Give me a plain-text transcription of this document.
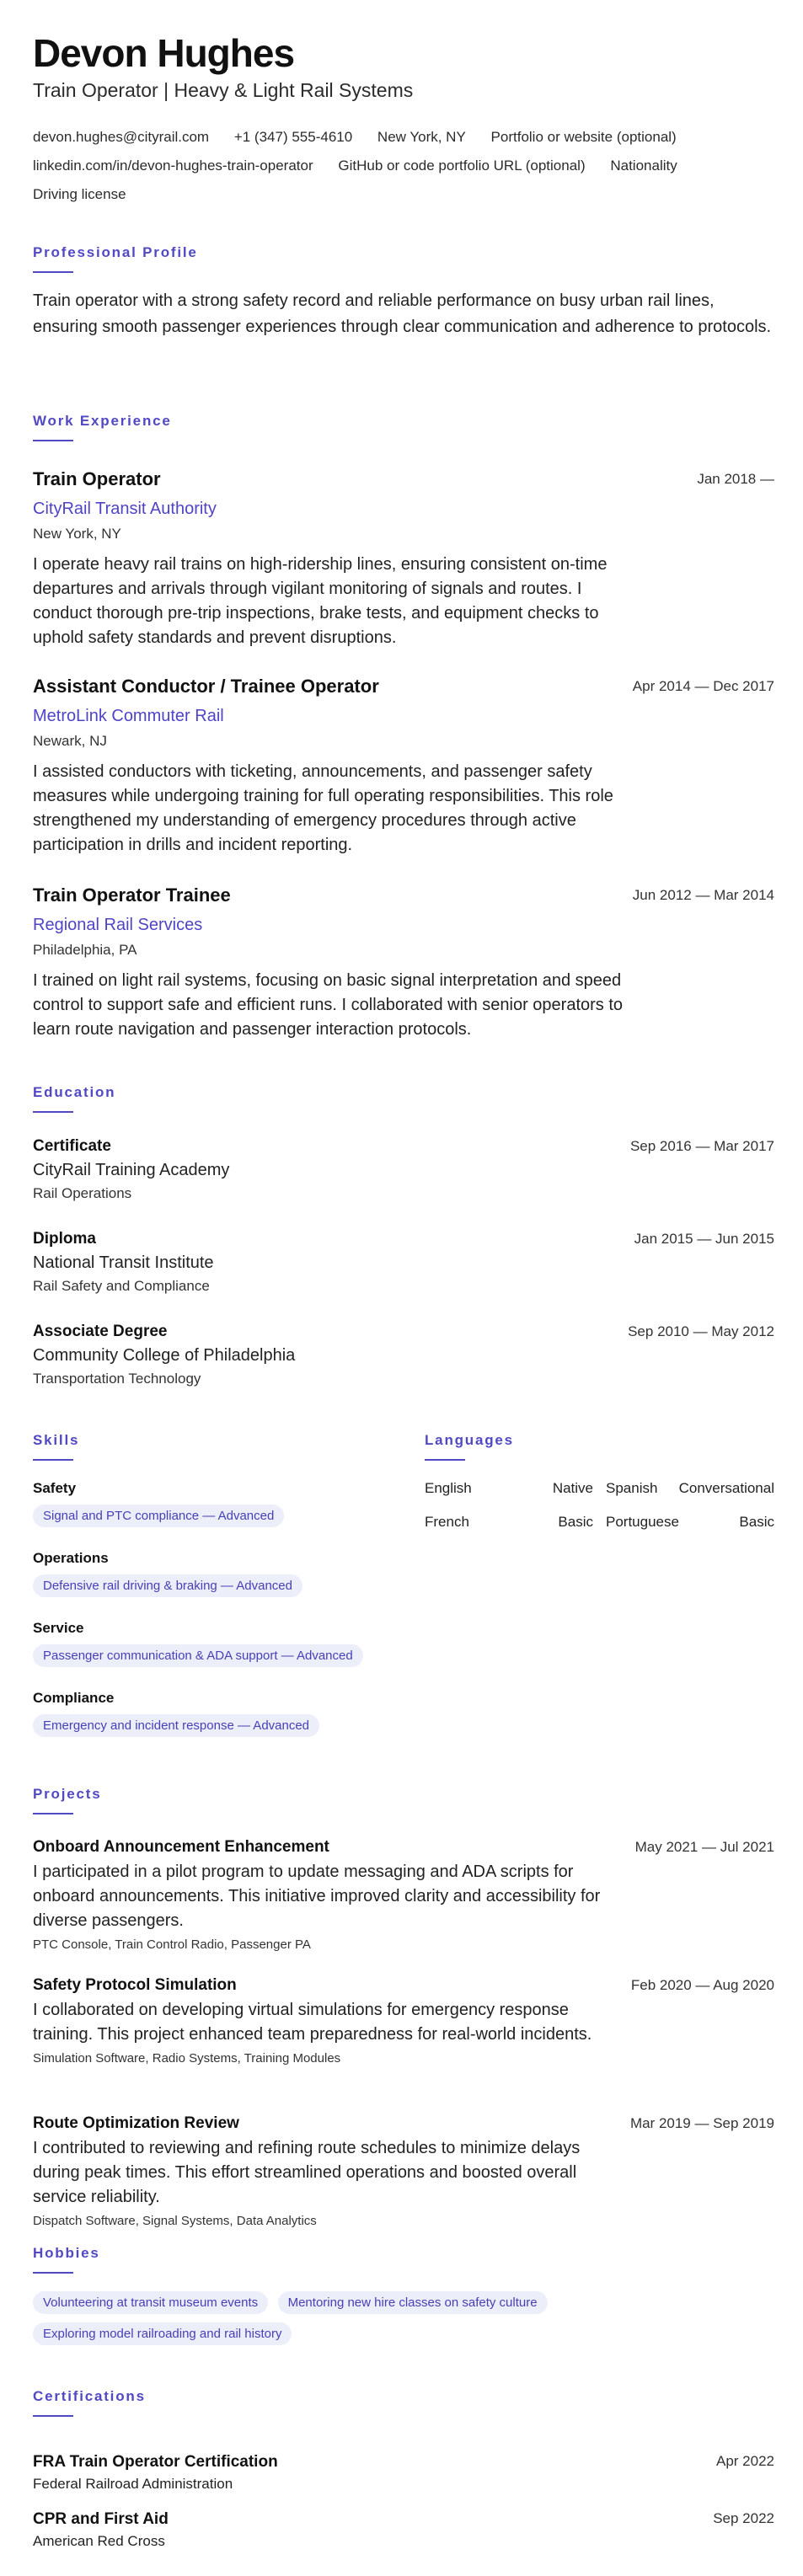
Devon Hughes
Train Operator | Heavy & Light Rail Systems
devon.hughes@cityrail.com +1 (347) 555-4610 New York, NY Portfolio or website (optional)
linkedin.com/in/devon-hughes-train-operator GitHub or code portfolio URL (optional) Nationality
Driving license
Professional Profile
Train operator with a strong safety record and reliable performance on busy urban rail lines, ensuring smooth passenger experiences through clear communication and adherence to protocols.
Work Experience
Train Operator
CityRail Transit Authority
New York, NY
I operate heavy rail trains on high-ridership lines, ensuring consistent on-time departures and arrivals through vigilant monitoring of signals and routes. I conduct thorough pre-trip inspections, brake tests, and equipment checks to uphold safety standards and prevent disruptions.
Jan 2018 —
Assistant Conductor / Trainee Operator
MetroLink Commuter Rail
Newark, NJ
I assisted conductors with ticketing, announcements, and passenger safety measures while undergoing training for full operating responsibilities. This role strengthened my understanding of emergency procedures through active participation in drills and incident reporting.
Apr 2014 — Dec 2017
Train Operator Trainee
Regional Rail Services
Philadelphia, PA
I trained on light rail systems, focusing on basic signal interpretation and speed control to support safe and efficient runs. I collaborated with senior operators to learn route navigation and passenger interaction protocols.
Jun 2012 — Mar 2014
Education
Certificate
CityRail Training Academy
Rail Operations
Sep 2016 — Mar 2017
Diploma
National Transit Institute
Rail Safety and Compliance
Jan 2015 — Jun 2015
Associate Degree
Community College of Philadelphia
Transportation Technology
Sep 2010 — May 2012
Skills
Safety
Signal and PTC compliance — Advanced
Operations
Defensive rail driving & braking — Advanced
Service
Passenger communication & ADA support — Advanced
Compliance
Emergency and incident response — Advanced
Languages
English	Native Spanish Conversational
French	Basic Portuguese	Basic
Projects
Onboard Announcement Enhancement
I participated in a pilot program to update messaging and ADA scripts for onboard announcements. This initiative improved clarity and accessibility for diverse passengers.
PTC Console, Train Control Radio, Passenger PA
May 2021 — Jul 2021
Safety Protocol Simulation
I collaborated on developing virtual simulations for emergency response training. This project enhanced team preparedness for real-world incidents.
Simulation Software, Radio Systems, Training Modules
Feb 2020 — Aug 2020
Route Optimization Review
I contributed to reviewing and refining route schedules to minimize delays during peak times. This effort streamlined operations and boosted overall service reliability.
Dispatch Software, Signal Systems, Data Analytics
Mar 2019 — Sep 2019
Hobbies
Volunteering at transit museum events Mentoring new hire classes on safety culture
Exploring model railroading and rail history
Certifications
FRA Train Operator Certification
Federal Railroad Administration
Apr 2022
CPR and First Aid
American Red Cross
Sep 2022
